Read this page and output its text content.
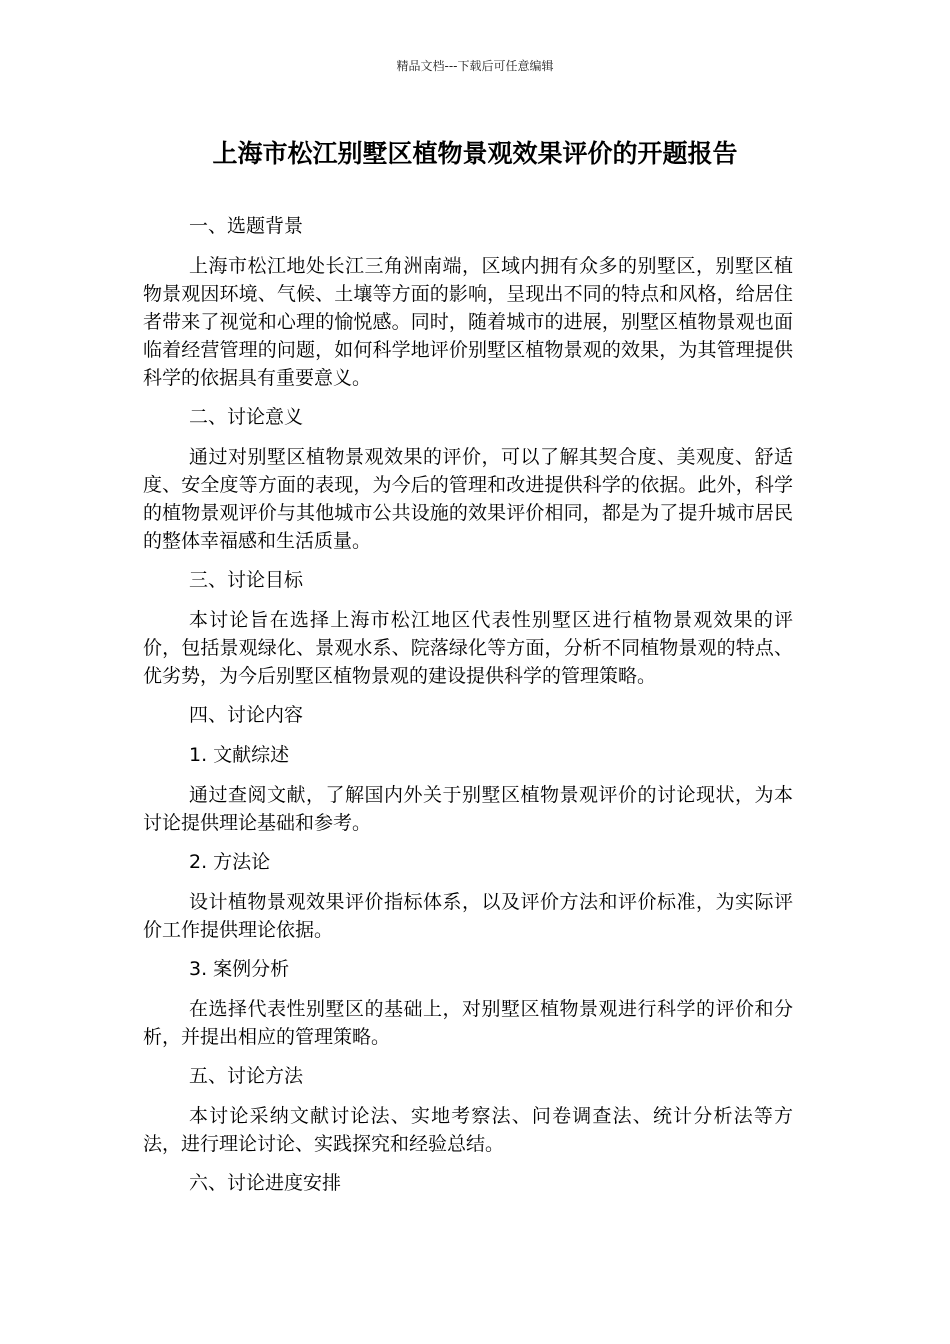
精品文档---下载后可任意编辑
上海市松江别墅区植物景观效果评价的开题报告

一、选题背景

上海市松江地处长江三角洲南端，区域内拥有众多的别墅区，别墅区植物景观因环境、气候、土壤等方面的影响，呈现出不同的特点和风格，给居住者带来了视觉和心理的愉悦感。同时，随着城市的进展，别墅区植物景观也面临着经营管理的问题，如何科学地评价别墅区植物景观的效果，为其管理提供科学的依据具有重要意义。

二、讨论意义

通过对别墅区植物景观效果的评价，可以了解其契合度、美观度、舒适度、安全度等方面的表现，为今后的管理和改进提供科学的依据。此外，科学的植物景观评价与其他城市公共设施的效果评价相同，都是为了提升城市居民的整体幸福感和生活质量。

三、讨论目标

本讨论旨在选择上海市松江地区代表性别墅区进行植物景观效果的评价，包括景观绿化、景观水系、院落绿化等方面，分析不同植物景观的特点、优劣势，为今后别墅区植物景观的建设提供科学的管理策略。

四、讨论内容

1. 文献综述

通过查阅文献，了解国内外关于别墅区植物景观评价的讨论现状，为本讨论提供理论基础和参考。

2. 方法论

设计植物景观效果评价指标体系，以及评价方法和评价标准，为实际评价工作提供理论依据。

3. 案例分析

在选择代表性别墅区的基础上，对别墅区植物景观进行科学的评价和分析，并提出相应的管理策略。

五、讨论方法

本讨论采纳文献讨论法、实地考察法、问卷调查法、统计分析法等方法，进行理论讨论、实践探究和经验总结。

六、讨论进度安排
